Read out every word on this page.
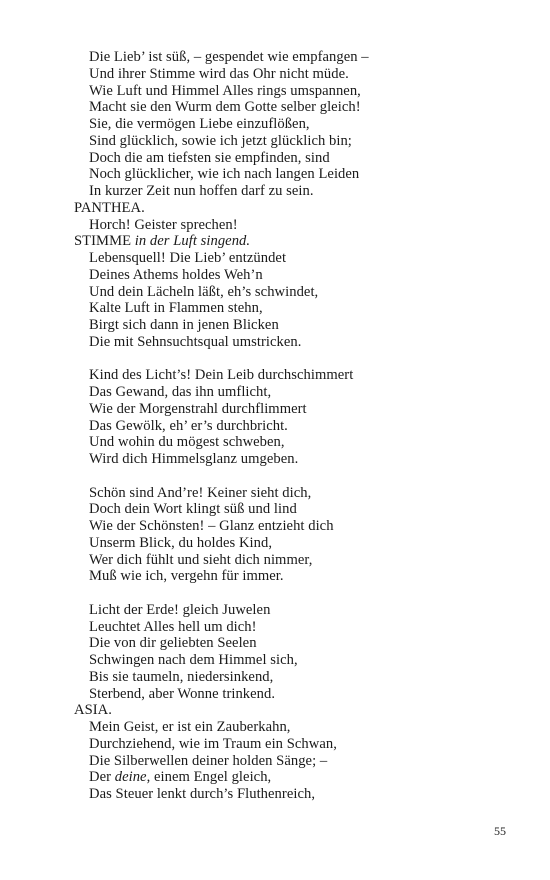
Die Lieb’ ist süß, – gespendet wie empfangen –
Und ihrer Stimme wird das Ohr nicht müde.
Wie Luft und Himmel Alles rings umspannen,
Macht sie den Wurm dem Gotte selber gleich!
Sie, die vermögen Liebe einzuflößen,
Sind glücklich, sowie ich jetzt glücklich bin;
Doch die am tiefsten sie empfinden, sind
Noch glücklicher, wie ich nach langen Leiden
In kurzer Zeit nun hoffen darf zu sein.
PANTHEA.
Horch! Geister sprechen!
STIMME in der Luft singend.
Lebensquell! Die Lieb’ entzündet
Deines Athems holdes Weh’n
Und dein Lächeln läßt, eh’s schwindet,
Kalte Luft in Flammen stehn,
Birgt sich dann in jenen Blicken
Die mit Sehnsuchtsqual umstricken.
Kind des Licht’s! Dein Leib durchschimmert
Das Gewand, das ihn umflicht,
Wie der Morgenstrahl durchflimmert
Das Gewölk, eh’ er’s durchbricht.
Und wohin du mögest schweben,
Wird dich Himmelsglanz umgeben.
Schön sind And’re! Keiner sieht dich,
Doch dein Wort klingt süß und lind
Wie der Schönsten! – Glanz entzieht dich
Unserm Blick, du holdes Kind,
Wer dich fühlt und sieht dich nimmer,
Muß wie ich, vergehn für immer.
Licht der Erde! gleich Juwelen
Leuchtet Alles hell um dich!
Die von dir geliebten Seelen
Schwingen nach dem Himmel sich,
Bis sie taumeln, niedersinkend,
Sterbend, aber Wonne trinkend.
ASIA.
Mein Geist, er ist ein Zauberkahn,
Durchziehend, wie im Traum ein Schwan,
Die Silberwellen deiner holden Sänge; –
Der deine, einem Engel gleich,
Das Steuer lenkt durch’s Fluthenreich,
55
